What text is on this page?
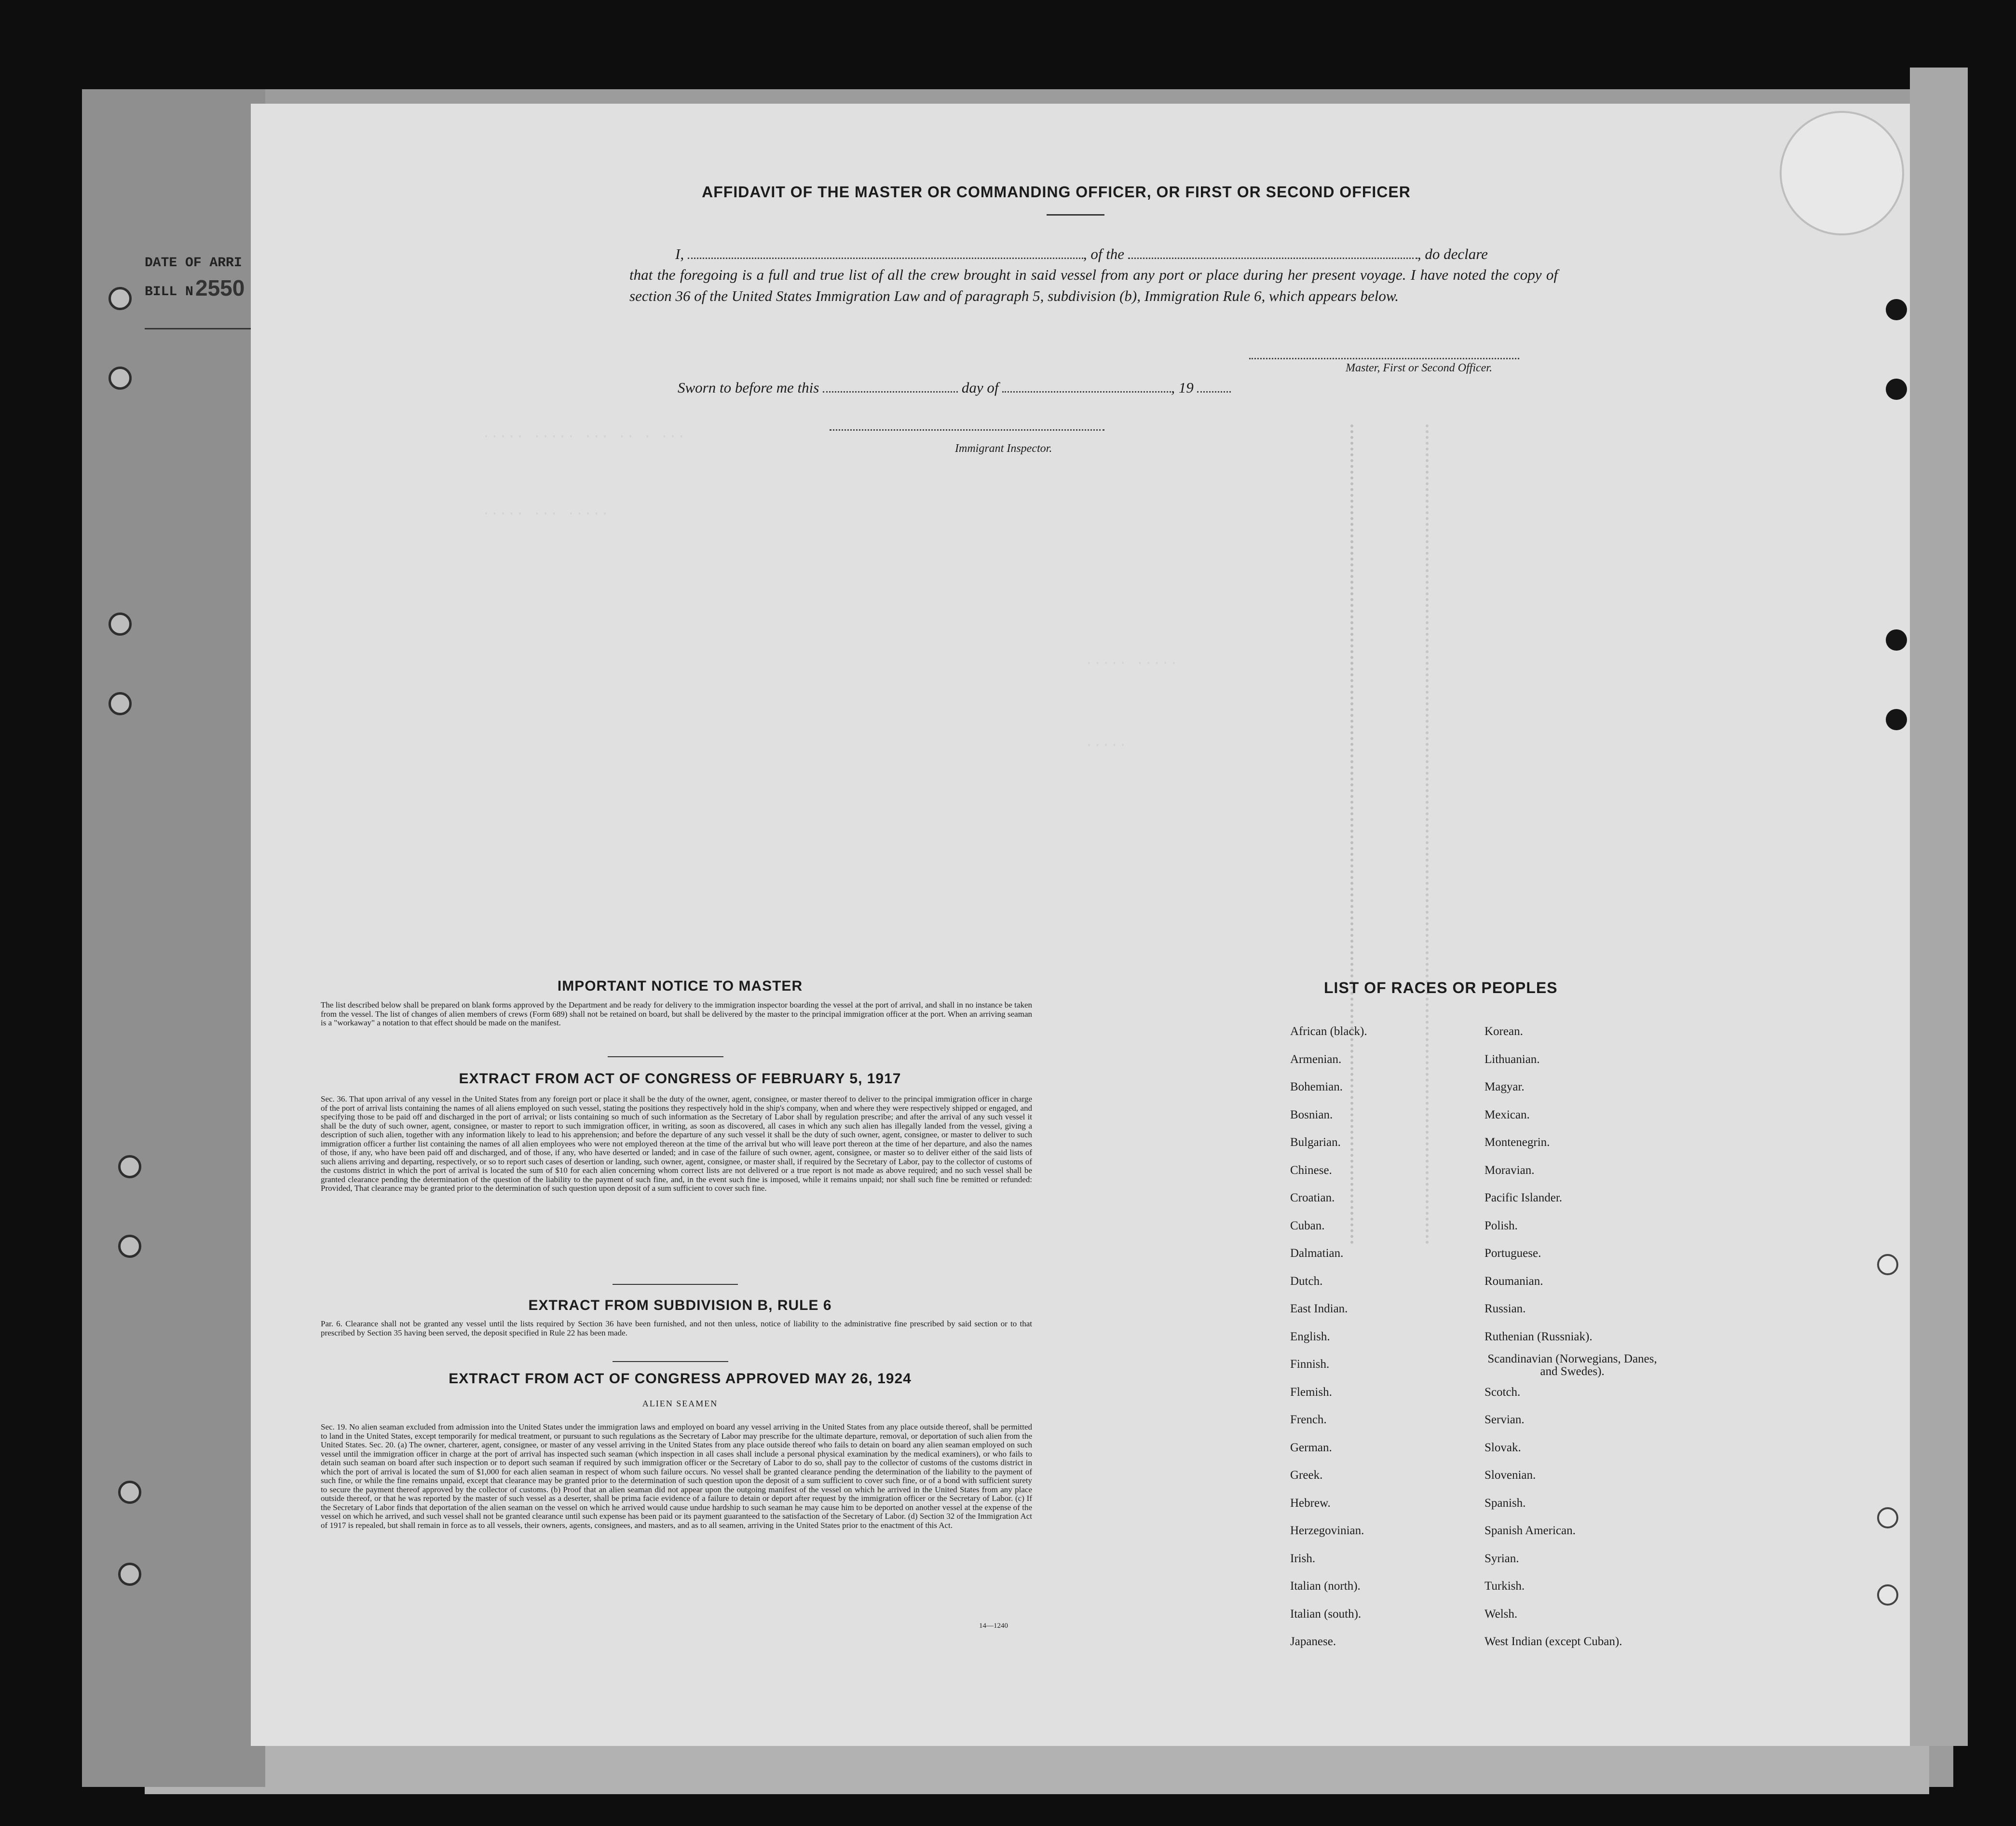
DATE OF ARRI
BILL N 2550
····· ····· ··· ·· · ···
····· ··· ·····
····· ·····
·····
AFFIDAVIT OF THE MASTER OR COMMANDING OFFICER, OR FIRST OR SECOND OFFICER
I,	, of the	, do declare
that the foregoing is a full and true list of all the crew brought in said vessel from any port or place during her present voyage. I have noted the copy of section 36 of the United States Immigration Law and of paragraph 5, subdivision (b), Immigration Rule 6, which appears below.
Master, First or Second Officer.
Sworn to before me this	day of	, 19
Immigrant Inspector.
IMPORTANT NOTICE TO MASTER
The list described below shall be prepared on blank forms approved by the Department and be ready for delivery to the immigration inspector boarding the vessel at the port of arrival, and shall in no instance be taken from the vessel. The list of changes of alien members of crews (Form 689) shall not be retained on board, but shall be delivered by the master to the principal immigration officer at the port. When an arriving seaman is a "workaway" a notation to that effect should be made on the manifest.
EXTRACT FROM ACT OF CONGRESS OF FEBRUARY 5, 1917
Sec. 36. That upon arrival of any vessel in the United States from any foreign port or place it shall be the duty of the owner, agent, consignee, or master thereof to deliver to the principal immigration officer in charge of the port of arrival lists containing the names of all aliens employed on such vessel, stating the positions they respectively hold in the ship's company, when and where they were respectively shipped or engaged, and specifying those to be paid off and discharged in the port of arrival; or lists containing so much of such information as the Secretary of Labor shall by regulation prescribe; and after the arrival of any such vessel it shall be the duty of such owner, agent, consignee, or master to report to such immigration officer, in writing, as soon as discovered, all cases in which any such alien has illegally landed from the vessel, giving a description of such alien, together with any information likely to lead to his apprehension; and before the departure of any such vessel it shall be the duty of such owner, agent, consignee, or master to deliver to such immigration officer a further list containing the names of all alien employees who were not employed thereon at the time of the arrival but who will leave port thereon at the time of her departure, and also the names of those, if any, who have been paid off and discharged, and of those, if any, who have deserted or landed; and in case of the failure of such owner, agent, consignee, or master so to deliver either of the said lists of such aliens arriving and departing, respectively, or so to report such cases of desertion or landing, such owner, agent, consignee, or master shall, if required by the Secretary of Labor, pay to the collector of customs of the customs district in which the port of arrival is located the sum of $10 for each alien concerning whom correct lists are not delivered or a true report is not made as above required; and no such vessel shall be granted clearance pending the determination of the question of the liability to the payment of such fine, and, in the event such fine is imposed, while it remains unpaid; nor shall such fine be remitted or refunded: Provided, That clearance may be granted prior to the determination of such question upon deposit of a sum sufficient to cover such fine.
EXTRACT FROM SUBDIVISION B, RULE 6
Par. 6. Clearance shall not be granted any vessel until the lists required by Section 36 have been furnished, and not then unless, notice of liability to the administrative fine prescribed by said section or to that prescribed by Section 35 having been served, the deposit specified in Rule 22 has been made.
EXTRACT FROM ACT OF CONGRESS APPROVED MAY 26, 1924
ALIEN SEAMEN
Sec. 19. No alien seaman excluded from admission into the United States under the immigration laws and employed on board any vessel arriving in the United States from any place outside thereof, shall be permitted to land in the United States, except temporarily for medical treatment, or pursuant to such regulations as the Secretary of Labor may prescribe for the ultimate departure, removal, or deportation of such alien from the United States. Sec. 20. (a) The owner, charterer, agent, consignee, or master of any vessel arriving in the United States from any place outside thereof who fails to detain on board any alien seaman employed on such vessel until the immigration officer in charge at the port of arrival has inspected such seaman (which inspection in all cases shall include a personal physical examination by the medical examiners), or who fails to detain such seaman on board after such inspection or to deport such seaman if required by such immigration officer or the Secretary of Labor to do so, shall pay to the collector of customs of the customs district in which the port of arrival is located the sum of $1,000 for each alien seaman in respect of whom such failure occurs. No vessel shall be granted clearance pending the determination of the liability to the payment of such fine, or while the fine remains unpaid, except that clearance may be granted prior to the determination of such question upon the deposit of a sum sufficient to cover such fine, or of a bond with sufficient surety to secure the payment thereof approved by the collector of customs. (b) Proof that an alien seaman did not appear upon the outgoing manifest of the vessel on which he arrived in the United States from any place outside thereof, or that he was reported by the master of such vessel as a deserter, shall be prima facie evidence of a failure to detain or deport after request by the immigration officer or the Secretary of Labor. (c) If the Secretary of Labor finds that deportation of the alien seaman on the vessel on which he arrived would cause undue hardship to such seaman he may cause him to be deported on another vessel at the expense of the vessel on which he arrived, and such vessel shall not be granted clearance until such expense has been paid or its payment guaranteed to the satisfaction of the Secretary of Labor. (d) Section 32 of the Immigration Act of 1917 is repealed, but shall remain in force as to all vessels, their owners, agents, consignees, and masters, and as to all seamen, arriving in the United States prior to the enactment of this Act.
14—1240
LIST OF RACES OR PEOPLES
African (black).
Armenian.
Bohemian.
Bosnian.
Bulgarian.
Chinese.
Croatian.
Cuban.
Dalmatian.
Dutch.
East Indian.
English.
Finnish.
Flemish.
French.
German.
Greek.
Hebrew.
Herzegovinian.
Irish.
Italian (north).
Italian (south).
Japanese.
Korean.
Lithuanian.
Magyar.
Mexican.
Montenegrin.
Moravian.
Pacific Islander.
Polish.
Portuguese.
Roumanian.
Russian.
Ruthenian (Russniak).
Scandinavian (Norwegians, Danes, and Swedes).
Scotch.
Servian.
Slovak.
Slovenian.
Spanish.
Spanish American.
Syrian.
Turkish.
Welsh.
West Indian (except Cuban).
